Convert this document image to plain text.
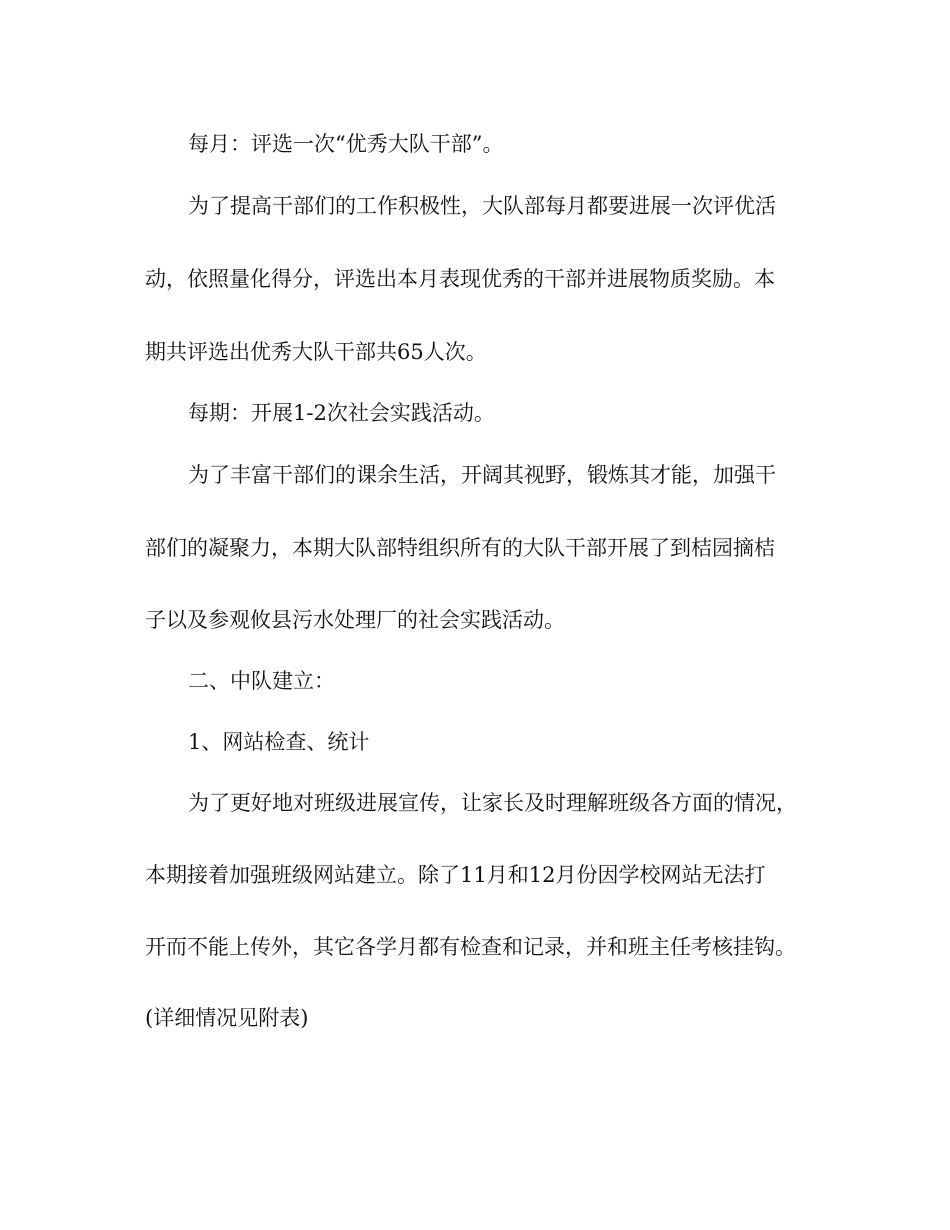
每月：评选一次“优秀大队干部”。
为了提高干部们的工作积极性，大队部每月都要进展一次评优活
动，依照量化得分，评选出本月表现优秀的干部并进展物质奖励。本
期共评选出优秀大队干部共65人次。
每期：开展1-2次社会实践活动。
为了丰富干部们的课余生活，开阔其视野，锻炼其才能，加强干
部们的凝聚力，本期大队部特组织所有的大队干部开展了到桔园摘桔
子以及参观攸县污水处理厂的社会实践活动。
二、中队建立：
1、网站检查、统计
为了更好地对班级进展宣传，让家长及时理解班级各方面的情况，
本期接着加强班级网站建立。除了11月和12月份因学校网站无法打
开而不能上传外，其它各学月都有检查和记录，并和班主任考核挂钩。
(详细情况见附表)
